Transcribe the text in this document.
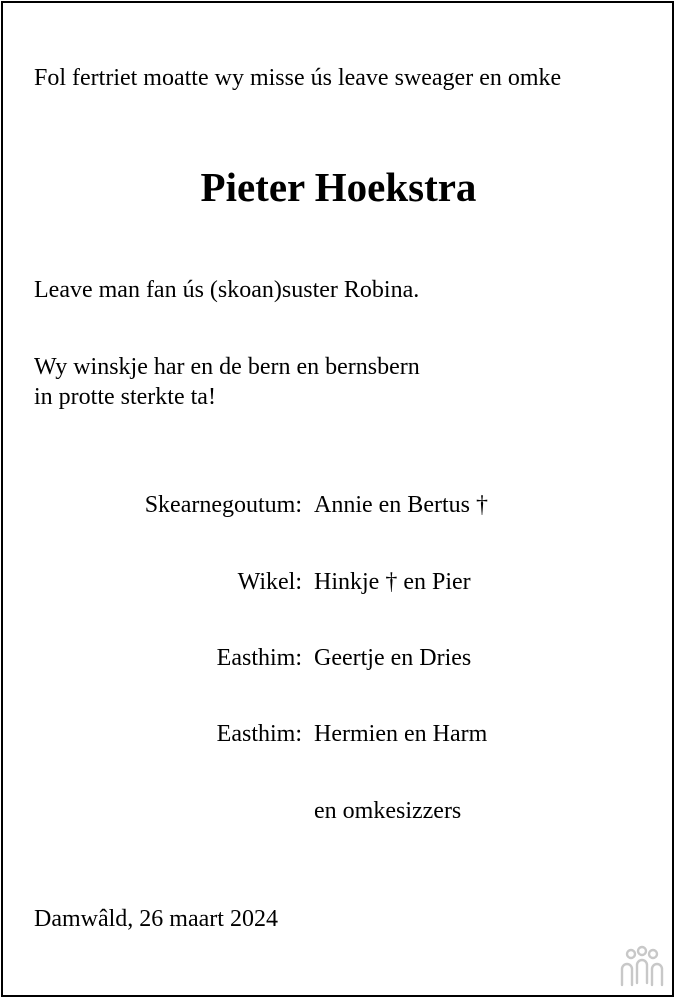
Fol fertriet moatte wy misse ús leave sweager en omke
Pieter Hoekstra
Leave man fan ús (skoan)suster Robina.
Wy winskje har en de bern en bernsbern
in protte sterkte ta!
Skearnegoutum: Annie en Bertus †
Wikel: Hinkje † en Pier
Easthim: Geertje en Dries
Easthim: Hermien en Harm
en omkesizzers
Damwâld, 26 maart 2024
